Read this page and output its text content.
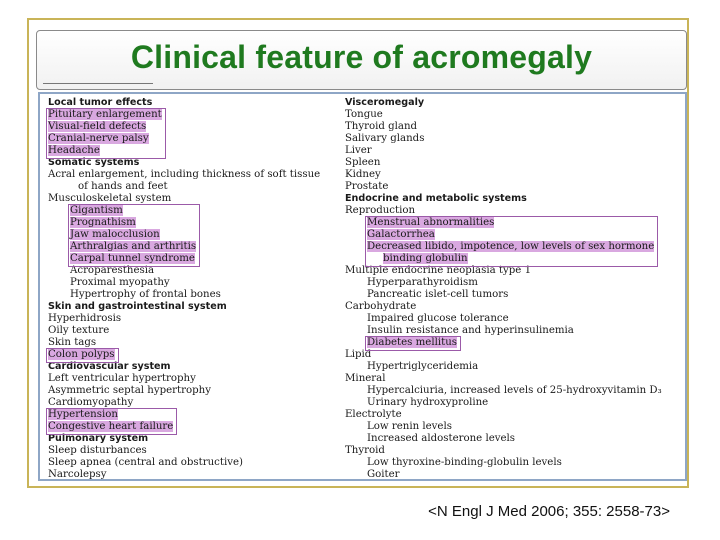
Clinical feature of acromegaly
Local tumor effects
Pituitary enlargement
Visual-field defects
Cranial-nerve palsy
Headache
Somatic systems
Acral enlargement, including thickness of soft tissue
of hands and feet
Musculoskeletal system
Gigantism
Prognathism
Jaw malocclusion
Arthralgias and arthritis
Carpal tunnel syndrome
Acroparesthesia
Proximal myopathy
Hypertrophy of frontal bones
Skin and gastrointestinal system
Hyperhidrosis
Oily texture
Skin tags
Colon polyps
Cardiovascular system
Left ventricular hypertrophy
Asymmetric septal hypertrophy
Cardiomyopathy
Hypertension
Congestive heart failure
Pulmonary system
Sleep disturbances
Sleep apnea (central and obstructive)
Narcolepsy
Visceromegaly
Tongue
Thyroid gland
Salivary glands
Liver
Spleen
Kidney
Prostate
Endocrine and metabolic systems
Reproduction
Menstrual abnormalities
Galactorrhea
Decreased libido, impotence, low levels of sex hormone
binding globulin
Multiple endocrine neoplasia type 1
Hyperparathyroidism
Pancreatic islet-cell tumors
Carbohydrate
Impaired glucose tolerance
Insulin resistance and hyperinsulinemia
Diabetes mellitus
Lipid
Hypertriglyceridemia
Mineral
Hypercalciuria, increased levels of 25-hydroxyvitamin D₃
Urinary hydroxyproline
Electrolyte
Low renin levels
Increased aldosterone levels
Thyroid
Low thyroxine-binding-globulin levels
Goiter
<N Engl J Med 2006; 355: 2558-73>
